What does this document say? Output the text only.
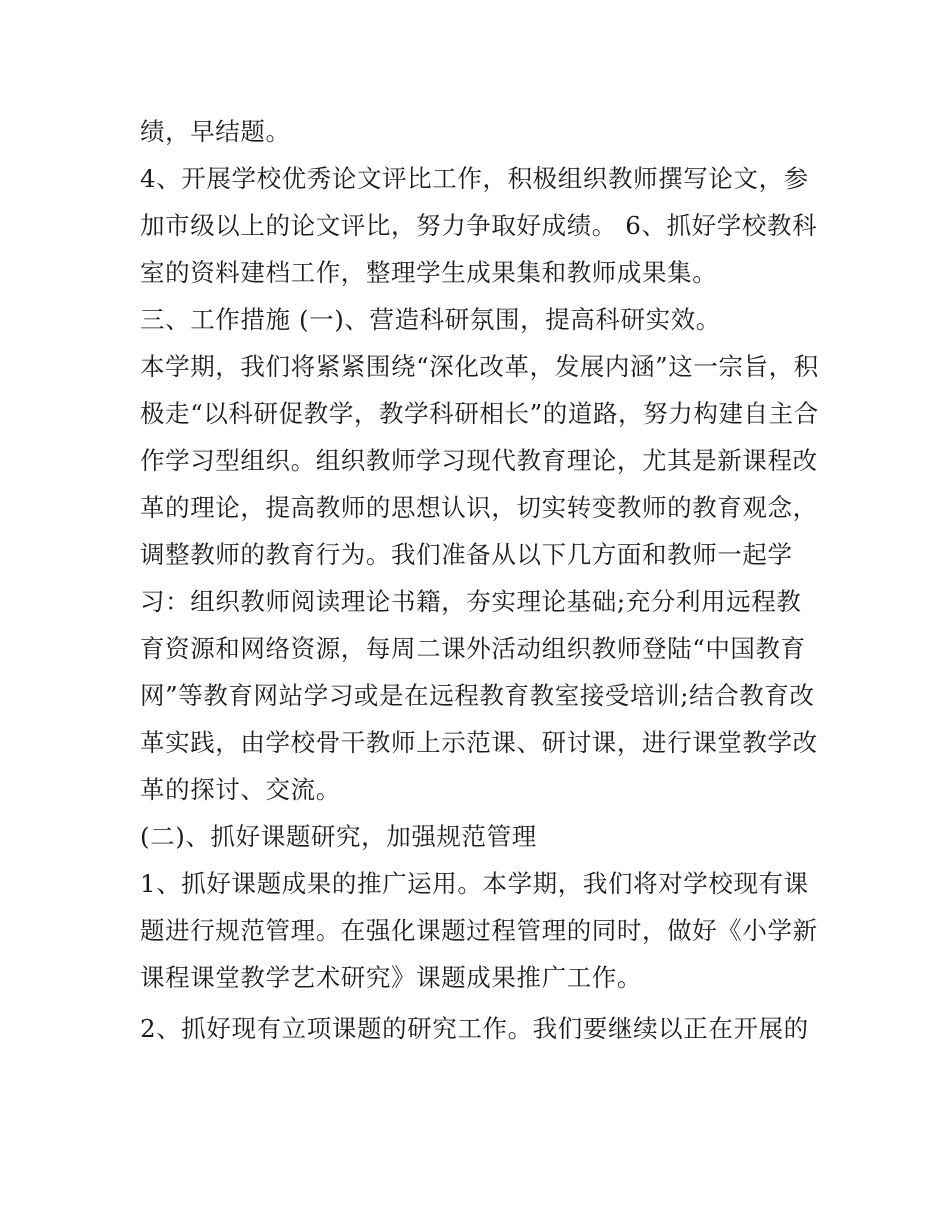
绩，早结题。
4、开展学校优秀论文评比工作，积极组织教师撰写论文，参
加市级以上的论文评比，努力争取好成绩。 6、抓好学校教科
室的资料建档工作，整理学生成果集和教师成果集。
三、工作措施 (一)、营造科研氛围，提高科研实效。
本学期，我们将紧紧围绕“深化改革，发展内涵”这一宗旨，积
极走“以科研促教学，教学科研相长”的道路，努力构建自主合
作学习型组织。组织教师学习现代教育理论，尤其是新课程改
革的理论，提高教师的思想认识，切实转变教师的教育观念，
调整教师的教育行为。我们准备从以下几方面和教师一起学
习：组织教师阅读理论书籍，夯实理论基础;充分利用远程教
育资源和网络资源，每周二课外活动组织教师登陆“中国教育
网”等教育网站学习或是在远程教育教室接受培训;结合教育改
革实践，由学校骨干教师上示范课、研讨课，进行课堂教学改
革的探讨、交流。
(二)、抓好课题研究，加强规范管理
1、抓好课题成果的推广运用。本学期，我们将对学校现有课
题进行规范管理。在强化课题过程管理的同时，做好《小学新
课程课堂教学艺术研究》课题成果推广工作。
2、抓好现有立项课题的研究工作。我们要继续以正在开展的
